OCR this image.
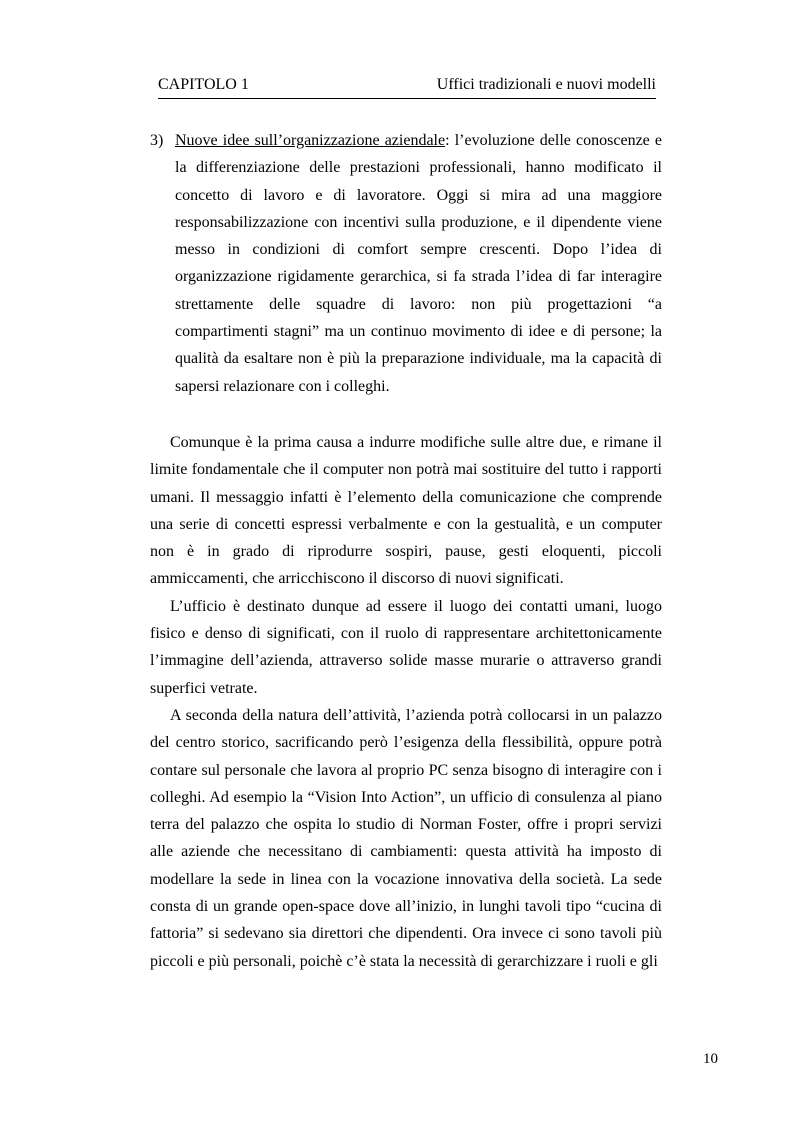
CAPITOLO 1	Uffici tradizionali e nuovi modelli
3) Nuove idee sull’organizzazione aziendale: l’evoluzione delle conoscenze e la differenziazione delle prestazioni professionali, hanno modificato il concetto di lavoro e di lavoratore. Oggi si mira ad una maggiore responsabilizzazione con incentivi sulla produzione, e il dipendente viene messo in condizioni di comfort sempre crescenti. Dopo l’idea di organizzazione rigidamente gerarchica, si fa strada l’idea di far interagire strettamente delle squadre di lavoro: non più progettazioni “a compartimenti stagni” ma un continuo movimento di idee e di persone; la qualità da esaltare non è più la preparazione individuale, ma la capacità di sapersi relazionare con i colleghi.

Comunque è la prima causa a indurre modifiche sulle altre due, e rimane il limite fondamentale che il computer non potrà mai sostituire del tutto i rapporti umani. Il messaggio infatti è l’elemento della comunicazione che comprende una serie di concetti espressi verbalmente e con la gestualità, e un computer non è in grado di riprodurre sospiri, pause, gesti eloquenti, piccoli ammiccamenti, che arricchiscono il discorso di nuovi significati.

L’ufficio è destinato dunque ad essere il luogo dei contatti umani, luogo fisico e denso di significati, con il ruolo di rappresentare architettonicamente l’immagine dell’azienda, attraverso solide masse murarie o attraverso grandi superfici vetrate.

A seconda della natura dell’attività, l’azienda potrà collocarsi in un palazzo del centro storico, sacrificando però l’esigenza della flessibilità, oppure potrà contare sul personale che lavora al proprio PC senza bisogno di interagire con i colleghi. Ad esempio la “Vision Into Action”, un ufficio di consulenza al piano terra del palazzo che ospita lo studio di Norman Foster, offre i propri servizi alle aziende che necessitano di cambiamenti: questa attività ha imposto di modellare la sede in linea con la vocazione innovativa della società. La sede consta di un grande open-space dove all’inizio, in lunghi tavoli tipo “cucina di fattoria” si sedevano sia direttori che dipendenti. Ora invece ci sono tavoli più piccoli e più personali, poichè c’è stata la necessità di gerarchizzare i ruoli e gli

10
